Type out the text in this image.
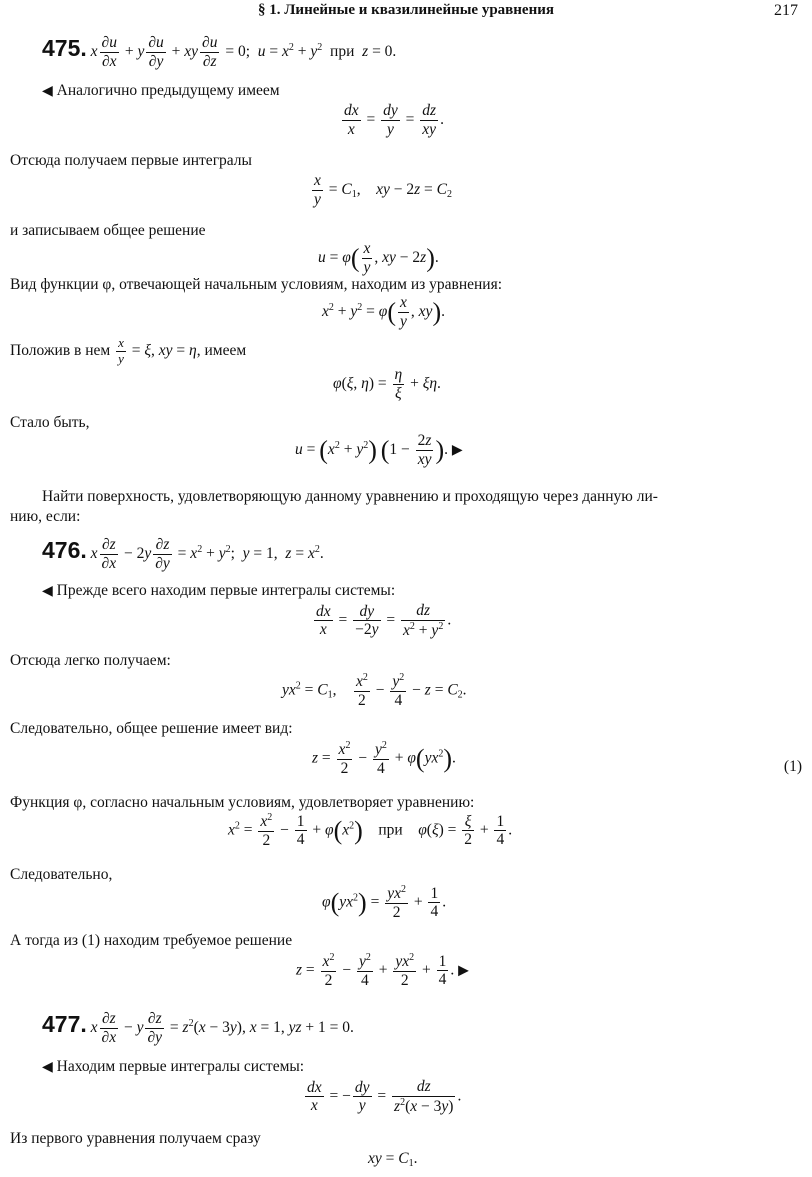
§ 1. Линейные и квазилинейные уравнения	217
475. x $\frac{\partial u}{\partial x} + y \frac{\partial u}{\partial y}$ + xy $\frac{\partial u}{\partial z} = 0$;  $u = x^2 + y^2$ при z = 0.
◀ Аналогично предыдущему имеем
$\frac{dx}{x} = \frac{dy}{y} = \frac{dz}{xy}$ .
Отсюда получаем первые интегралы
$\frac{x}{y} = C_1$,    xy − $2z = C_2$
и записываем общее решение
$u = \varphi( \frac{x}{y}$ , xy − 2z).
Вид функции φ, отвечающей начальным условиям, находим из уравнения:
$x^2 + y^2 = \varphi( \frac{x}{y}$ , xy).
Положив в нем $\frac{x}{y} = \xi$, xy = η, имеем
φ(ξ, $\eta) = \frac{\eta}{\xi} + \xi\eta$.
Стало быть,
$u = (x^2 + y^2) (1 - \frac{2z}{xy}$ ). ▶
Найти поверхность, удовлетворяющую данному уравнению и проходящую через данную ли-
нию, если:
476. x $\frac{\partial z}{\partial x} - 2y \frac{\partial z}{\partial y} = x^2 + y^2$;  y = 1,  $z = x^2$.
◀ Прежде всего находим первые интегралы системы:
$\frac{dx}{x} = \frac{dy}{-2y} = \frac{dz}{x^2 + y^2}$ .
Отсюда легко получаем:
$yx^2 = C_1$, $\frac{x^2}{2} - \frac{y^2}{4} - z = C_2$.
Следовательно, общее решение имеет вид:
$z = \frac{x^2}{2} - \frac{y^2}{4} + \varphi(yx^2)$.
(1)
Функция φ, согласно начальным условиям, удовлетворяет уравнению:
$x^2 = \frac{x^2}{2} - \frac{1}{4} + \varphi(x^2)$ при $\varphi(\xi) = \frac{\xi}{2} + \frac{1}{4}$ .
Следовательно,
$\varphi(yx^2) = \frac{yx^2}{2} + \frac{1}{4}$ .
А тогда из (1) находим требуемое решение
$z = \frac{x^2}{2} - \frac{y^2}{4} + \frac{yx^2}{2} + \frac{1}{4}$ . ▶
477. x $\frac{\partial z}{\partial x} - y \frac{\partial z}{\partial y} = z^2(x - 3y)$, x = 1, yz + 1 = 0.
◀ Находим первые интегралы системы:
$\frac{dx}{x}$ = − $\frac{dy}{y} = \frac{dz}{z^2(x - 3y)}$ .
Из первого уравнения получаем сразу
xy = $C_1$.
